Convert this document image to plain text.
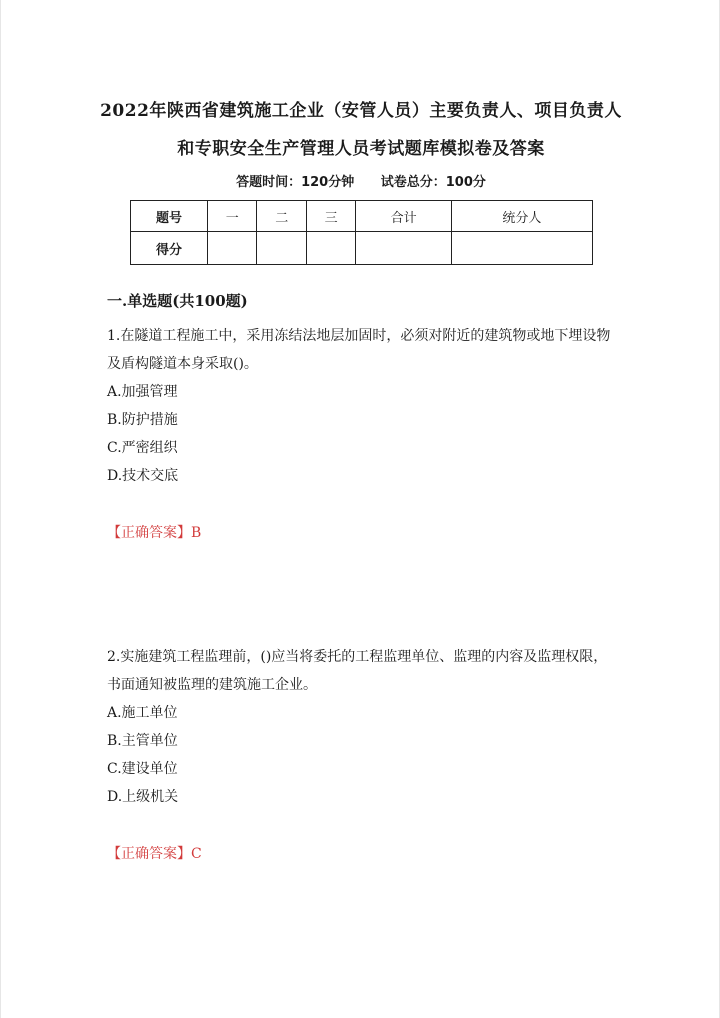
2022年陕西省建筑施工企业（安管人员）主要负责人、项目负责人
和专职安全生产管理人员考试题库模拟卷及答案
答题时间：120分钟 试卷总分：100分
题号	一	二	三	合计	统分人
得分					
一.单选题(共100题)
1.在隧道工程施工中，采用冻结法地层加固时，必须对附近的建筑物或地下埋设物及盾构隧道本身采取()。
A.加强管理
B.防护措施
C.严密组织
D.技术交底
【正确答案】B
2.实施建筑工程监理前，()应当将委托的工程监理单位、监理的内容及监理权限，书面通知被监理的建筑施工企业。
A.施工单位
B.主管单位
C.建设单位
D.上级机关
【正确答案】C
